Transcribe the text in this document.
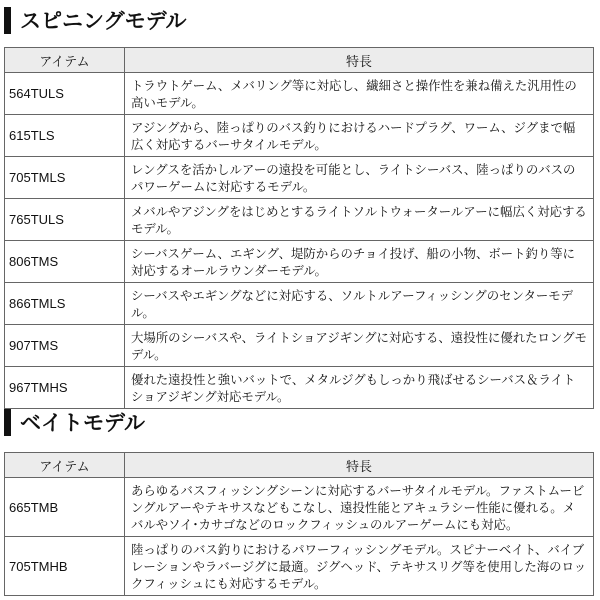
スピニングモデル
アイテム	特長
564TULS	トラウトゲーム、メバリング等に対応し、繊細さと操作性を兼ね備えた汎用性の高いモデル。
615TLS	アジングから、陸っぱりのバス釣りにおけるハードプラグ、ワーム、ジグまで幅広く対応するバーサタイルモデル。
705TMLS	レングスを活かしルアーの遠投を可能とし、ライトシーバス、陸っぱりのバスのパワーゲームに対応するモデル。
765TULS	メバルやアジングをはじめとするライトソルトウォータールアーに幅広く対応するモデル。
806TMS	シーバスゲーム、エギング、堤防からのチョイ投げ、船の小物、ボート釣り等に対応するオールラウンダーモデル。
866TMLS	シーバスやエギングなどに対応する、ソルトルアーフィッシングのセンターモデル。
907TMS	大場所のシーバスや、ライトショアジギングに対応する、遠投性に優れたロングモデル。
967TMHS	優れた遠投性と強いバットで、メタルジグもしっかり飛ばせるシーバス＆ライトショアジギング対応モデル。
ベイトモデル
アイテム	特長
665TMB	あらゆるバスフィッシングシーンに対応するバーサタイルモデル。ファストムービングルアーやテキサスなどもこなし、遠投性能とアキュラシー性能に優れる。メバルやソイ･カサゴなどのロックフィッシュのルアーゲームにも対応。
705TMHB	陸っぱりのバス釣りにおけるパワーフィッシングモデル。スピナーベイト、バイブレーションやラバージグに最適。ジグヘッド、テキサスリグ等を使用した海のロックフィッシュにも対応するモデル。
